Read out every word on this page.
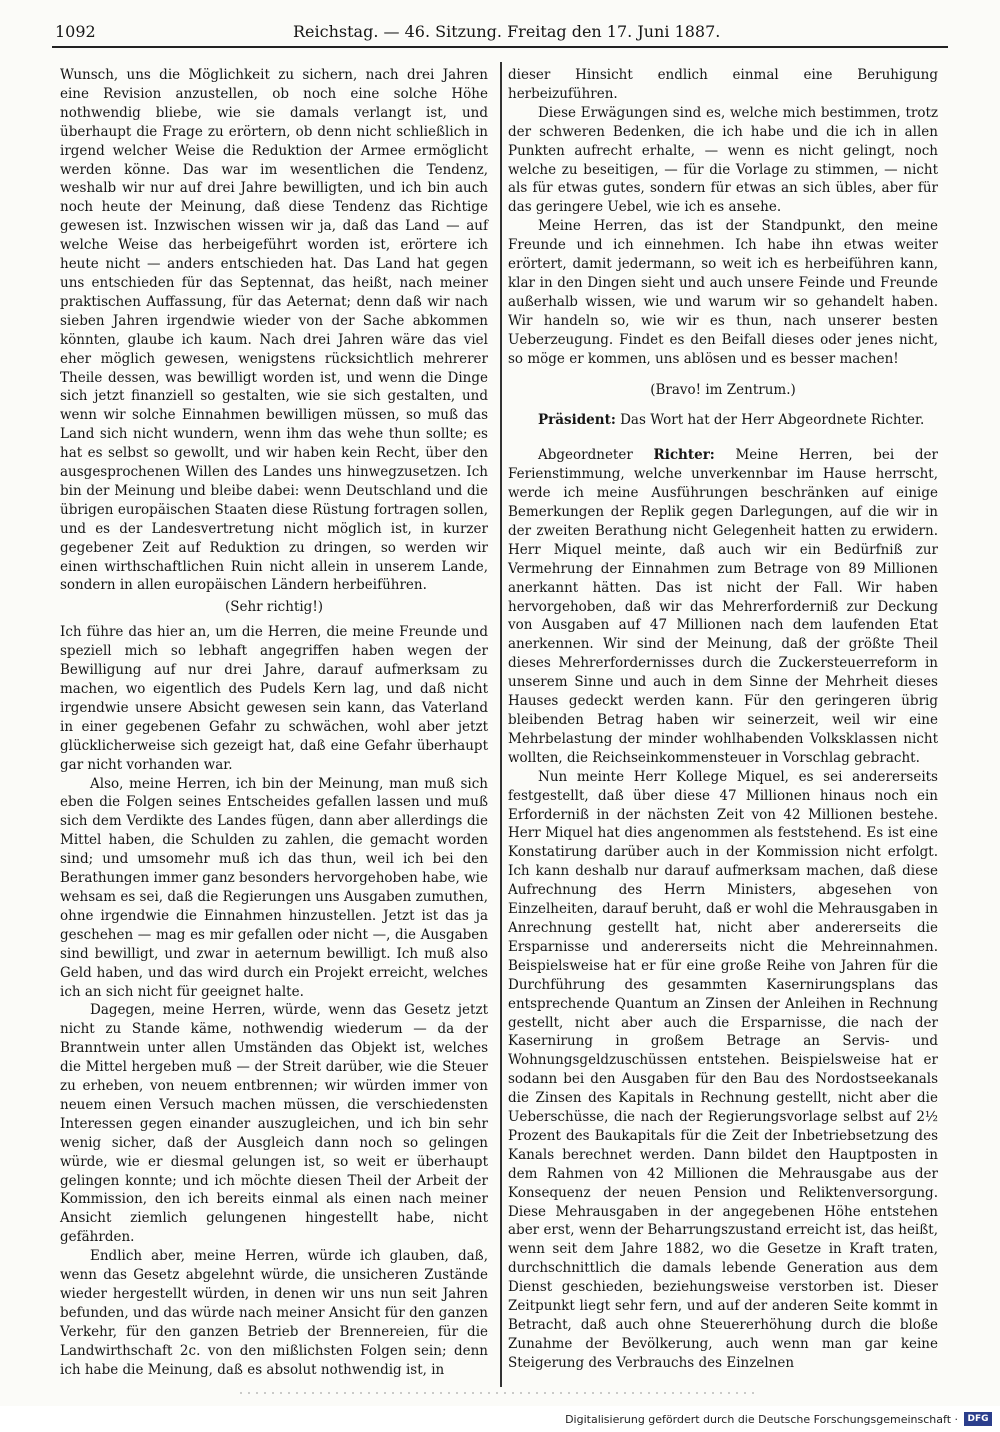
1092	Reichstag. — 46. Sitzung. Freitag den 17. Juni 1887.

Wunsch, uns die Möglichkeit zu sichern, nach drei Jahren eine Revision anzustellen, ob noch eine solche Höhe nothwendig bliebe, wie sie damals verlangt ist, und überhaupt die Frage zu erörtern, ob denn nicht schließlich in irgend welcher Weise die Reduktion der Armee ermöglicht werden könne. Das war im wesentlichen die Tendenz, weshalb wir nur auf drei Jahre bewilligten, und ich bin auch noch heute der Meinung, daß diese Tendenz das Richtige gewesen ist. Inzwischen wissen wir ja, daß das Land — auf welche Weise das herbeigeführt worden ist, erörtere ich heute nicht — anders entschieden hat. Das Land hat gegen uns entschieden für das Septennat, das heißt, nach meiner praktischen Auffassung, für das Aeternat; denn daß wir nach sieben Jahren irgendwie wieder von der Sache abkommen könnten, glaube ich kaum. Nach drei Jahren wäre das viel eher möglich gewesen, wenigstens rücksichtlich mehrerer Theile dessen, was bewilligt worden ist, und wenn die Dinge sich jetzt finanziell so gestalten, wie sie sich gestalten, und wenn wir solche Einnahmen bewilligen müssen, so muß das Land sich nicht wundern, wenn ihm das wehe thun sollte; es hat es selbst so gewollt, und wir haben kein Recht, über den ausgesprochenen Willen des Landes uns hinwegzusetzen. Ich bin der Meinung und bleibe dabei: wenn Deutschland und die übrigen europäischen Staaten diese Rüstung fortragen sollen, und es der Landesvertretung nicht möglich ist, in kurzer gegebener Zeit auf Reduktion zu dringen, so werden wir einen wirthschaftlichen Ruin nicht allein in unserem Lande, sondern in allen europäischen Ländern herbeiführen.

(Sehr richtig!)

Ich führe das hier an, um die Herren, die meine Freunde und speziell mich so lebhaft angegriffen haben wegen der Bewilligung auf nur drei Jahre, darauf aufmerksam zu machen, wo eigentlich des Pudels Kern lag, und daß nicht irgendwie unsere Absicht gewesen sein kann, das Vaterland in einer gegebenen Gefahr zu schwächen, wohl aber jetzt glücklicherweise sich gezeigt hat, daß eine Gefahr überhaupt gar nicht vorhanden war.

Also, meine Herren, ich bin der Meinung, man muß sich eben die Folgen seines Entscheides gefallen lassen und muß sich dem Verdikte des Landes fügen, dann aber allerdings die Mittel haben, die Schulden zu zahlen, die gemacht worden sind; und umsomehr muß ich das thun, weil ich bei den Berathungen immer ganz besonders hervorgehoben habe, wie wehsam es sei, daß die Regierungen uns Ausgaben zumuthen, ohne irgendwie die Einnahmen hinzustellen. Jetzt ist das ja geschehen — mag es mir gefallen oder nicht —, die Ausgaben sind bewilligt, und zwar in aeternum bewilligt. Ich muß also Geld haben, und das wird durch ein Projekt erreicht, welches ich an sich nicht für geeignet halte.

Dagegen, meine Herren, würde, wenn das Gesetz jetzt nicht zu Stande käme, nothwendig wiederum — da der Branntwein unter allen Umständen das Objekt ist, welches die Mittel hergeben muß — der Streit darüber, wie die Steuer zu erheben, von neuem entbrennen; wir würden immer von neuem einen Versuch machen müssen, die verschiedensten Interessen gegen einander auszugleichen, und ich bin sehr wenig sicher, daß der Ausgleich dann noch so gelingen würde, wie er diesmal gelungen ist, so weit er überhaupt gelingen konnte; und ich möchte diesen Theil der Arbeit der Kommission, den ich bereits einmal als einen nach meiner Ansicht ziemlich gelungenen hingestellt habe, nicht gefährden.

Endlich aber, meine Herren, würde ich glauben, daß, wenn das Gesetz abgelehnt würde, die unsicheren Zustände wieder hergestellt würden, in denen wir uns nun seit Jahren befunden, und das würde nach meiner Ansicht für den ganzen Verkehr, für den ganzen Betrieb der Brennereien, für die Landwirthschaft 2c. von den mißlichsten Folgen sein; denn ich habe die Meinung, daß es absolut nothwendig ist, in

dieser Hinsicht endlich einmal eine Beruhigung herbeizuführen.

Diese Erwägungen sind es, welche mich bestimmen, trotz der schweren Bedenken, die ich habe und die ich in allen Punkten aufrecht erhalte, — wenn es nicht gelingt, noch welche zu beseitigen, — für die Vorlage zu stimmen, — nicht als für etwas gutes, sondern für etwas an sich übles, aber für das geringere Uebel, wie ich es ansehe.

Meine Herren, das ist der Standpunkt, den meine Freunde und ich einnehmen. Ich habe ihn etwas weiter erörtert, damit jedermann, so weit ich es herbeiführen kann, klar in den Dingen sieht und auch unsere Feinde und Freunde außerhalb wissen, wie und warum wir so gehandelt haben. Wir handeln so, wie wir es thun, nach unserer besten Ueberzeugung. Findet es den Beifall dieses oder jenes nicht, so möge er kommen, uns ablösen und es besser machen!

(Bravo! im Zentrum.)

Präsident: Das Wort hat der Herr Abgeordnete Richter.

Abgeordneter Richter: Meine Herren, bei der Ferienstimmung, welche unverkennbar im Hause herrscht, werde ich meine Ausführungen beschränken auf einige Bemerkungen der Replik gegen Darlegungen, auf die wir in der zweiten Berathung nicht Gelegenheit hatten zu erwidern. Herr Miquel meinte, daß auch wir ein Bedürfniß zur Vermehrung der Einnahmen zum Betrage von 89 Millionen anerkannt hätten. Das ist nicht der Fall. Wir haben hervorgehoben, daß wir das Mehrerforderniß zur Deckung von Ausgaben auf 47 Millionen nach dem laufenden Etat anerkennen. Wir sind der Meinung, daß der größte Theil dieses Mehrerfordernisses durch die Zuckersteuerreform in unserem Sinne und auch in dem Sinne der Mehrheit dieses Hauses gedeckt werden kann. Für den geringeren übrig bleibenden Betrag haben wir seinerzeit, weil wir eine Mehrbelastung der minder wohlhabenden Volksklassen nicht wollten, die Reichseinkommensteuer in Vorschlag gebracht.

Nun meinte Herr Kollege Miquel, es sei andererseits festgestellt, daß über diese 47 Millionen hinaus noch ein Erforderniß in der nächsten Zeit von 42 Millionen bestehe. Herr Miquel hat dies angenommen als feststehend. Es ist eine Konstatirung darüber auch in der Kommission nicht erfolgt. Ich kann deshalb nur darauf aufmerksam machen, daß diese Aufrechnung des Herrn Ministers, abgesehen von Einzelheiten, darauf beruht, daß er wohl die Mehrausgaben in Anrechnung gestellt hat, nicht aber andererseits die Ersparnisse und andererseits nicht die Mehreinnahmen. Beispielsweise hat er für eine große Reihe von Jahren für die Durchführung des gesammten Kasernirungsplans das entsprechende Quantum an Zinsen der Anleihen in Rechnung gestellt, nicht aber auch die Ersparnisse, die nach der Kasernirung in großem Betrage an Servis- und Wohnungsgeldzuschüssen entstehen. Beispielsweise hat er sodann bei den Ausgaben für den Bau des Nordostseekanals die Zinsen des Kapitals in Rechnung gestellt, nicht aber die Ueberschüsse, die nach der Regierungsvorlage selbst auf 2½ Prozent des Baukapitals für die Zeit der Inbetriebsetzung des Kanals berechnet werden. Dann bildet den Hauptposten in dem Rahmen von 42 Millionen die Mehrausgabe aus der Konsequenz der neuen Pension und Reliktenversorgung. Diese Mehrausgaben in der angegebenen Höhe entstehen aber erst, wenn der Beharrungszustand erreicht ist, das heißt, wenn seit dem Jahre 1882, wo die Gesetze in Kraft traten, durchschnittlich die damals lebende Generation aus dem Dienst geschieden, beziehungsweise verstorben ist. Dieser Zeitpunkt liegt sehr fern, und auf der anderen Seite kommt in Betracht, daß auch ohne Steuererhöhung durch die bloße Zunahme der Bevölkerung, auch wenn man gar keine Steigerung des Verbrauchs des Einzelnen

Digitalisierung gefördert durch die Deutsche Forschungsgemeinschaft ·	DFG
